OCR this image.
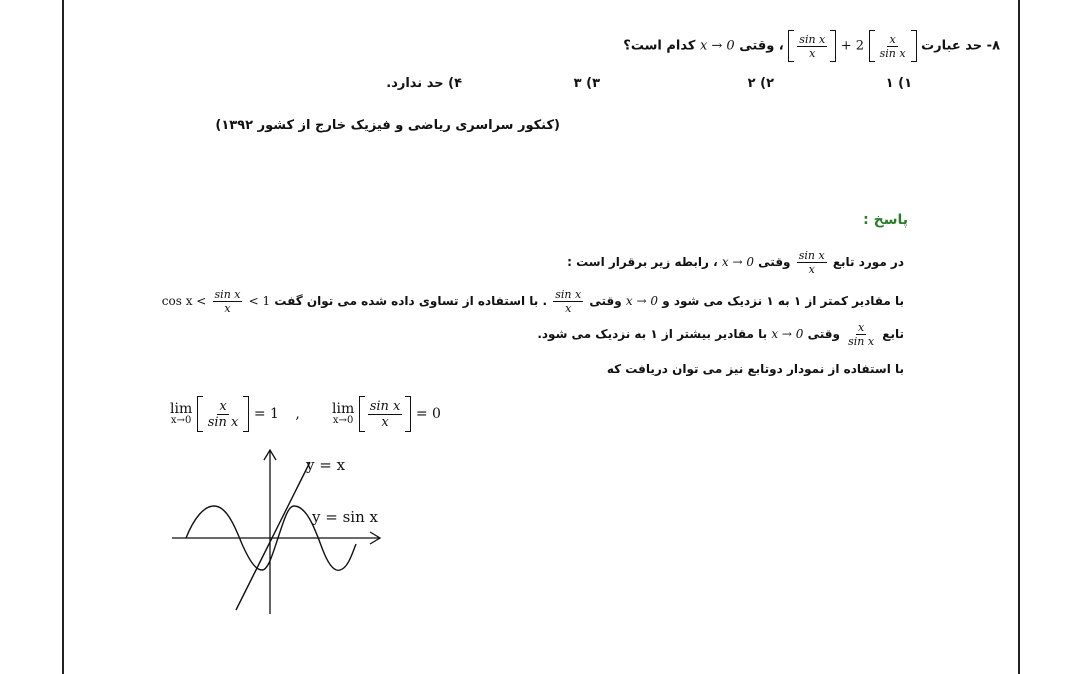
۸- حد عبارت
$\frac{\text{sin x}}{x} + 2 \frac{x}{\text{sin x}}$
، وقتی x → 0 کدام است؟
۱) ۱
۲) ۲
۳) ۳
۴) حد ندارد.
(کنکور سراسری ریاضی و فیزیک خارج از کشور ۱۳۹۲)
پاسخ :
در مورد تابع
$\frac{\text{sin x}}{x}$
وقتی x → 0 ، رابطه زیر برقرار است :
با مقادیر کمتر از ۱ به ۱ نزدیک می شود و x → 0 وقتی
$\frac{\text{sin x}}{x}$
. با استفاده از تساوی داده شده می توان گفت $\cos x < \frac{\text{sin x}}{x} < 1$
تابع
$\frac{x}{\text{sin x}}$
وقتی x → 0 با مقادیر بیشتر از ۱ به نزدیک می شود.
با استفاده از نمودار دوتابع نیز می توان دریافت که
lim
x→0
$\frac{x}{\text{sin x}} = 1$ , lim
x→0
$\frac{\text{sin x}}{x} = 0$
y = x
y = sin x
